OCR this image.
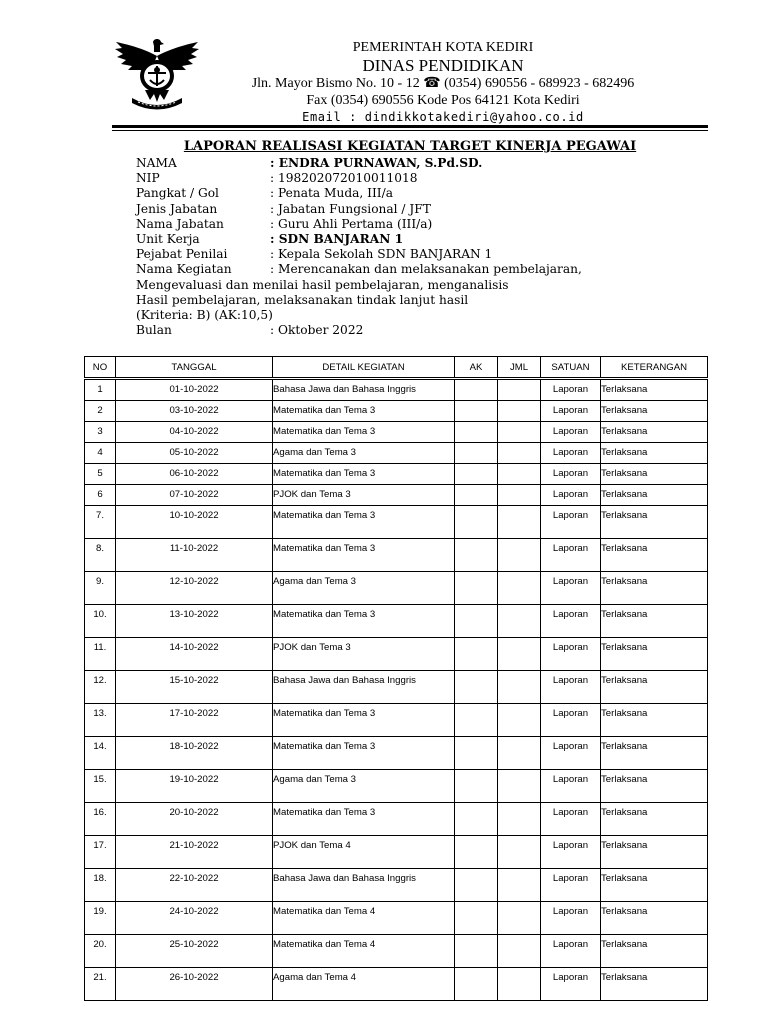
PEMERINTAH KOTA KEDIRI
DINAS PENDIDIKAN
Jln. Mayor Bismo No. 10 - 12 ☎ (0354) 690556 - 689923 - 682496
Fax (0354) 690556 Kode Pos 64121 Kota Kediri
Email : dindikkotakediri@yahoo.co.id
LAPORAN REALISASI KEGIATAN TARGET KINERJA PEGAWAI
NAMA	: ENDRA PURNAWAN, S.Pd.SD.
NIP	: 198202072010011018
Pangkat / Gol	: Penata Muda, III/a
Jenis Jabatan	: Jabatan Fungsional / JFT
Nama Jabatan	: Guru Ahli Pertama (III/a)
Unit Kerja	: SDN BANJARAN 1
Pejabat Penilai	: Kepala Sekolah SDN BANJARAN 1
Nama Kegiatan	: Merencanakan dan melaksanakan pembelajaran,
Mengevaluasi dan menilai hasil pembelajaran, menganalisis
Hasil pembelajaran, melaksanakan tindak lanjut hasil
(Kriteria: B) (AK:10,5)
Bulan	: Oktober 2022
NO	TANGGAL	DETAIL KEGIATAN	AK	JML	SATUAN	KETERANGAN
1	01-10-2022	Bahasa Jawa dan Bahasa Inggris			Laporan	Terlaksana
2	03-10-2022	Matematika dan Tema 3			Laporan	Terlaksana
3	04-10-2022	Matematika dan Tema 3			Laporan	Terlaksana
4	05-10-2022	Agama dan Tema 3			Laporan	Terlaksana
5	06-10-2022	Matematika dan Tema 3			Laporan	Terlaksana
6	07-10-2022	PJOK dan Tema 3			Laporan	Terlaksana
7.	10-10-2022	Matematika dan Tema 3			Laporan	Terlaksana
8.	11-10-2022	Matematika dan Tema 3			Laporan	Terlaksana
9.	12-10-2022	Agama dan Tema 3			Laporan	Terlaksana
10.	13-10-2022	Matematika dan Tema 3			Laporan	Terlaksana
11.	14-10-2022	PJOK dan Tema 3			Laporan	Terlaksana
12.	15-10-2022	Bahasa Jawa dan Bahasa Inggris			Laporan	Terlaksana
13.	17-10-2022	Matematika dan Tema 3			Laporan	Terlaksana
14.	18-10-2022	Matematika dan Tema 3			Laporan	Terlaksana
15.	19-10-2022	Agama dan Tema 3			Laporan	Terlaksana
16.	20-10-2022	Matematika dan Tema 3			Laporan	Terlaksana
17.	21-10-2022	PJOK dan Tema 4			Laporan	Terlaksana
18.	22-10-2022	Bahasa Jawa dan Bahasa Inggris			Laporan	Terlaksana
19.	24-10-2022	Matematika dan Tema 4			Laporan	Terlaksana
20.	25-10-2022	Matematika dan Tema 4			Laporan	Terlaksana
21.	26-10-2022	Agama dan Tema 4			Laporan	Terlaksana
